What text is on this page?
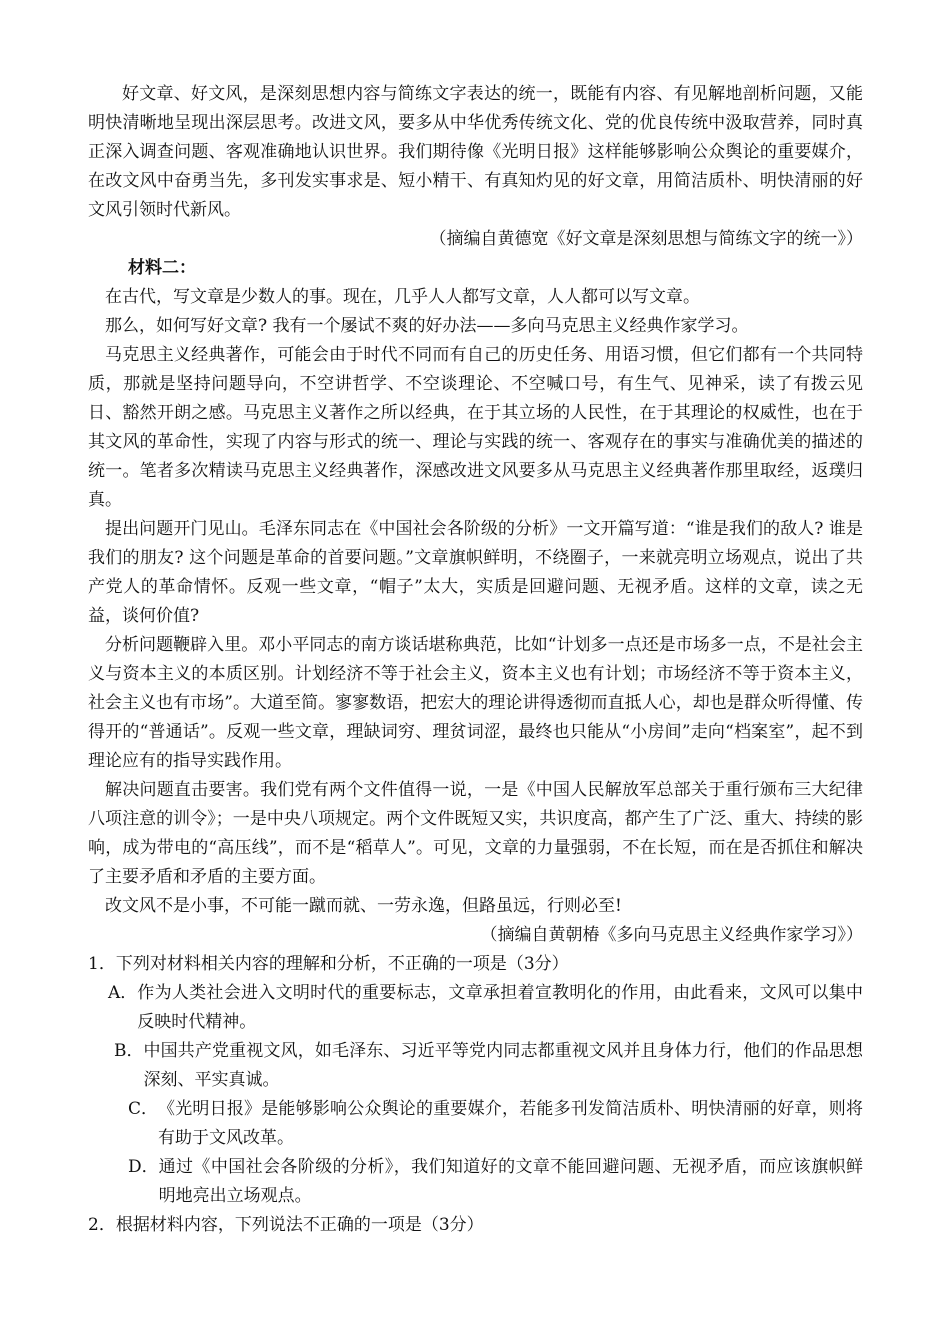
好文章、好文风，是深刻思想内容与简练文字表达的统一，既能有内容、有见解地剖析问题，又能明快清晰地呈现出深层思考。改进文风，要多从中华优秀传统文化、党的优良传统中汲取营养，同时真正深入调查问题、客观准确地认识世界。我们期待像《光明日报》这样能够影响公众舆论的重要媒介，在改文风中奋勇当先，多刊发实事求是、短小精干、有真知灼见的好文章，用简洁质朴、明快清丽的好文风引领时代新风。

（摘编自黄德宽《好文章是深刻思想与简练文字的统一》）

材料二：

在古代，写文章是少数人的事。现在，几乎人人都写文章，人人都可以写文章。

那么，如何写好文章? 我有一个屡试不爽的好办法——多向马克思主义经典作家学习。

马克思主义经典著作，可能会由于时代不同而有自己的历史任务、用语习惯，但它们都有一个共同特质，那就是坚持问题导向，不空讲哲学、不空谈理论、不空喊口号，有生气、见神采，读了有拨云见日、豁然开朗之感。马克思主义著作之所以经典，在于其立场的人民性，在于其理论的权威性，也在于其文风的革命性，实现了内容与形式的统一、理论与实践的统一、客观存在的事实与准确优美的描述的统一。笔者多次精读马克思主义经典著作，深感改进文风要多从马克思主义经典著作那里取经，返璞归真。

提出问题开门见山。毛泽东同志在《中国社会各阶级的分析》一文开篇写道：“谁是我们的敌人? 谁是我们的朋友? 这个问题是革命的首要问题。”文章旗帜鲜明，不绕圈子，一来就亮明立场观点，说出了共产党人的革命情怀。反观一些文章，“帽子”太大，实质是回避问题、无视矛盾。这样的文章，读之无益，谈何价值?

分析问题鞭辟入里。邓小平同志的南方谈话堪称典范，比如“计划多一点还是市场多一点，不是社会主义与资本主义的本质区别。计划经济不等于社会主义，资本主义也有计划；市场经济不等于资本主义，社会主义也有市场”。大道至简。寥寥数语，把宏大的理论讲得透彻而直抵人心，却也是群众听得懂、传得开的“普通话”。反观一些文章，理缺词穷、理贫词涩，最终也只能从“小房间”走向“档案室”，起不到理论应有的指导实践作用。

解决问题直击要害。我们党有两个文件值得一说，一是《中国人民解放军总部关于重行颁布三大纪律八项注意的训令》；一是中央八项规定。两个文件既短又实，共识度高，都产生了广泛、重大、持续的影响，成为带电的“高压线”，而不是“稻草人”。可见，文章的力量强弱，不在长短，而在是否抓住和解决了主要矛盾和矛盾的主要方面。

改文风不是小事，不可能一蹴而就、一劳永逸，但路虽远，行则必至!

（摘编自黄朝椿《多向马克思主义经典作家学习》）

1．下列对材料相关内容的理解和分析，不正确的一项是（3分）

A． 作为人类社会进入文明时代的重要标志，文章承担着宣教明化的作用，由此看来，文风可以集中反映时代精神。
B． 中国共产党重视文风，如毛泽东、习近平等党内同志都重视文风并且身体力行，他们的作品思想深刻、平实真诚。
C． 《光明日报》是能够影响公众舆论的重要媒介，若能多刊发简洁质朴、明快清丽的好章，则将有助于文风改革。
D． 通过《中国社会各阶级的分析》，我们知道好的文章不能回避问题、无视矛盾，而应该旗帜鲜明地亮出立场观点。

2．根据材料内容，下列说法不正确的一项是（3分）
